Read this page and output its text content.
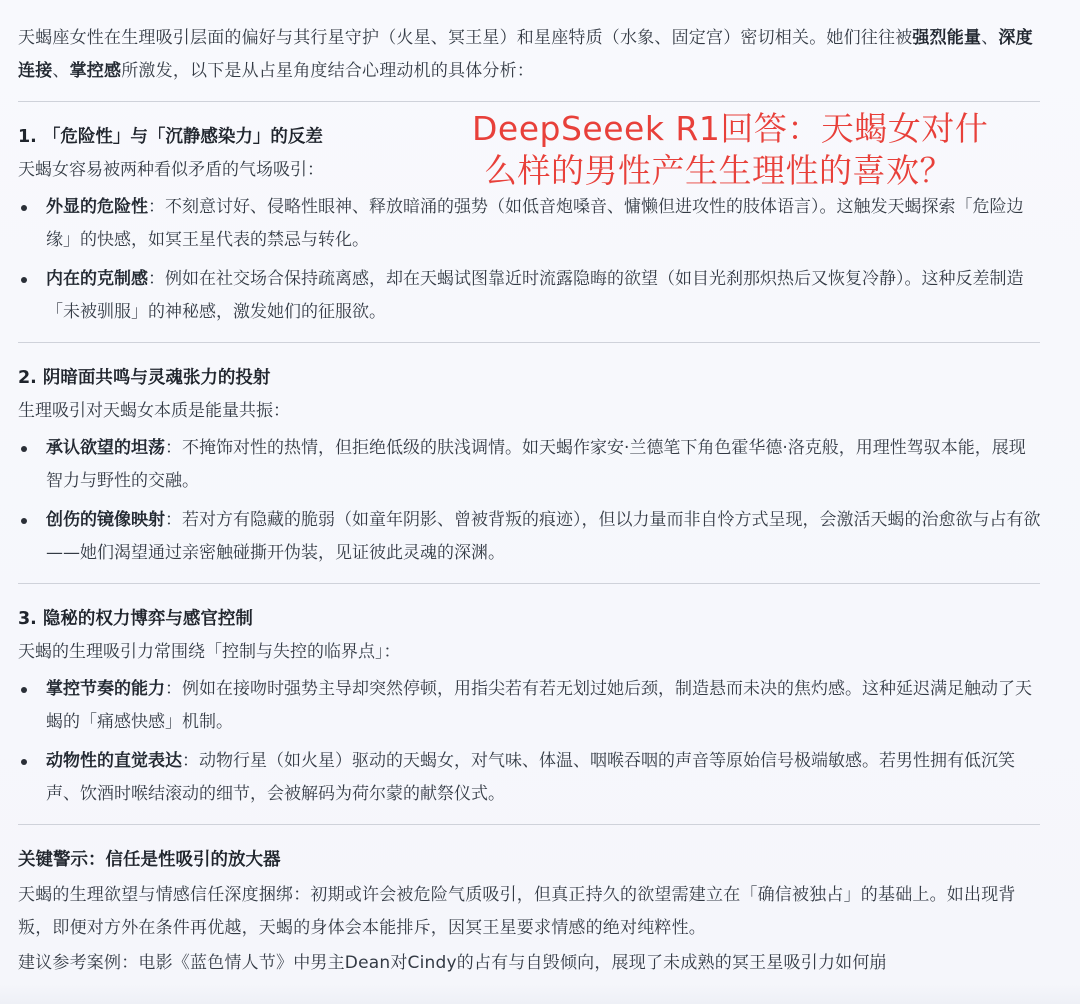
天蝎座女性在生理吸引层面的偏好与其行星守护（火星、冥王星）和星座特质（水象、固定宫）密切相关。她们往往被强烈能量、深度连接、掌控感所激发，以下是从占星角度结合心理动机的具体分析：

1. 「危险性」与「沉静感染力」的反差

天蝎女容易被两种看似矛盾的气场吸引：

外显的危险性：不刻意讨好、侵略性眼神、释放暗涌的强势（如低音炮嗓音、慵懒但进攻性的肢体语言）。这触发天蝎探索「危险边缘」的快感，如冥王星代表的禁忌与转化。
内在的克制感：例如在社交场合保持疏离感，却在天蝎试图靠近时流露隐晦的欲望（如目光刹那炽热后又恢复冷静）。这种反差制造「未被驯服」的神秘感，激发她们的征服欲。

2. 阴暗面共鸣与灵魂张力的投射

生理吸引对天蝎女本质是能量共振：

承认欲望的坦荡：不掩饰对性的热情，但拒绝低级的肤浅调情。如天蝎作家安·兰德笔下角色霍华德·洛克般，用理性驾驭本能，展现智力与野性的交融。
创伤的镜像映射：若对方有隐藏的脆弱（如童年阴影、曾被背叛的痕迹），但以力量而非自怜方式呈现，会激活天蝎的治愈欲与占有欲——她们渴望通过亲密触碰撕开伪装，见证彼此灵魂的深渊。

3. 隐秘的权力博弈与感官控制

天蝎的生理吸引力常围绕「控制与失控的临界点」：

掌控节奏的能力：例如在接吻时强势主导却突然停顿，用指尖若有若无划过她后颈，制造悬而未决的焦灼感。这种延迟满足触动了天蝎的「痛感快感」机制。
动物性的直觉表达：动物行星（如火星）驱动的天蝎女，对气味、体温、咽喉吞咽的声音等原始信号极端敏感。若男性拥有低沉笑声、饮酒时喉结滚动的细节，会被解码为荷尔蒙的献祭仪式。

关键警示：信任是性吸引的放大器

天蝎的生理欲望与情感信任深度捆绑：初期或许会被危险气质吸引，但真正持久的欲望需建立在「确信被独占」的基础上。如出现背叛，即便对方外在条件再优越，天蝎的身体会本能排斥，因冥王星要求情感的绝对纯粹性。

建议参考案例：电影《蓝色情人节》中男主Dean对Cindy的占有与自毁倾向，展现了未成熟的冥王星吸引力如何崩

DeepSeeek R1回答：天蝎女对什
么样的男性产生生理性的喜欢？
